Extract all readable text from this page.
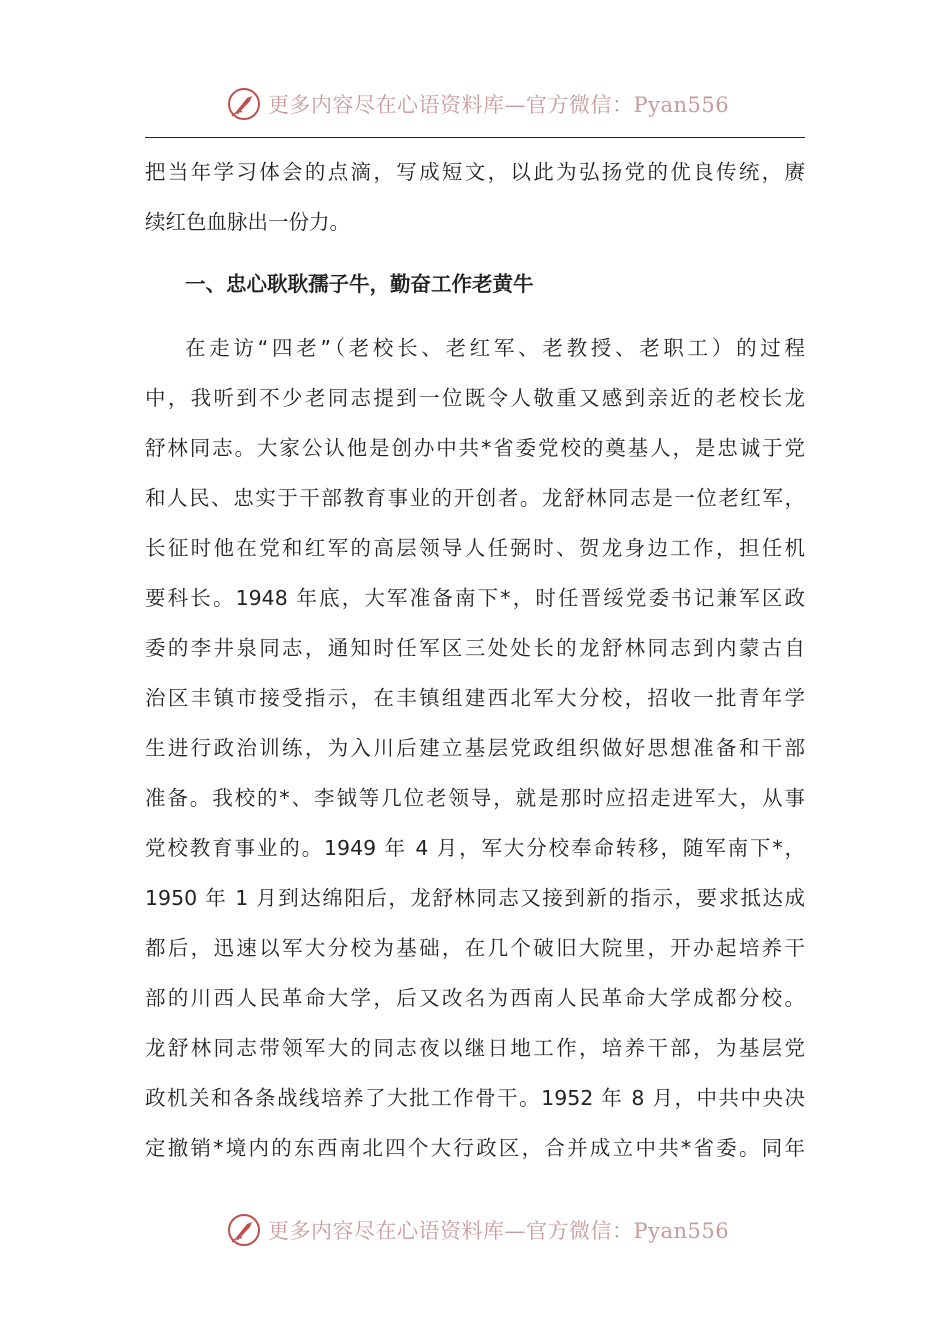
更多内容尽在心语资料库—官方微信：Pyan556
把当年学习体会的点滴，写成短文，以此为弘扬党的优良传统，赓
续红色血脉出一份力。
一、忠心耿耿孺子牛，勤奋工作老黄牛
在走访“四老”（老校长、老红军、老教授、老职工）的过程
中，我听到不少老同志提到一位既令人敬重又感到亲近的老校长龙
舒林同志。大家公认他是创办中共*省委党校的奠基人，是忠诚于党
和人民、忠实于干部教育事业的开创者。龙舒林同志是一位老红军，
长征时他在党和红军的高层领导人任弼时、贺龙身边工作，担任机
要科长。1948 年底，大军准备南下*，时任晋绥党委书记兼军区政
委的李井泉同志，通知时任军区三处处长的龙舒林同志到内蒙古自
治区丰镇市接受指示，在丰镇组建西北军大分校，招收一批青年学
生进行政治训练，为入川后建立基层党政组织做好思想准备和干部
准备。我校的*、李钺等几位老领导，就是那时应招走进军大，从事
党校教育事业的。1949 年 4 月，军大分校奉命转移，随军南下*，
1950 年 1 月到达绵阳后，龙舒林同志又接到新的指示，要求抵达成
都后，迅速以军大分校为基础，在几个破旧大院里，开办起培养干
部的川西人民革命大学，后又改名为西南人民革命大学成都分校。
龙舒林同志带领军大的同志夜以继日地工作，培养干部，为基层党
政机关和各条战线培养了大批工作骨干。1952 年 8 月，中共中央决
定撤销*境内的东西南北四个大行政区，合并成立中共*省委。同年
更多内容尽在心语资料库—官方微信：Pyan556
